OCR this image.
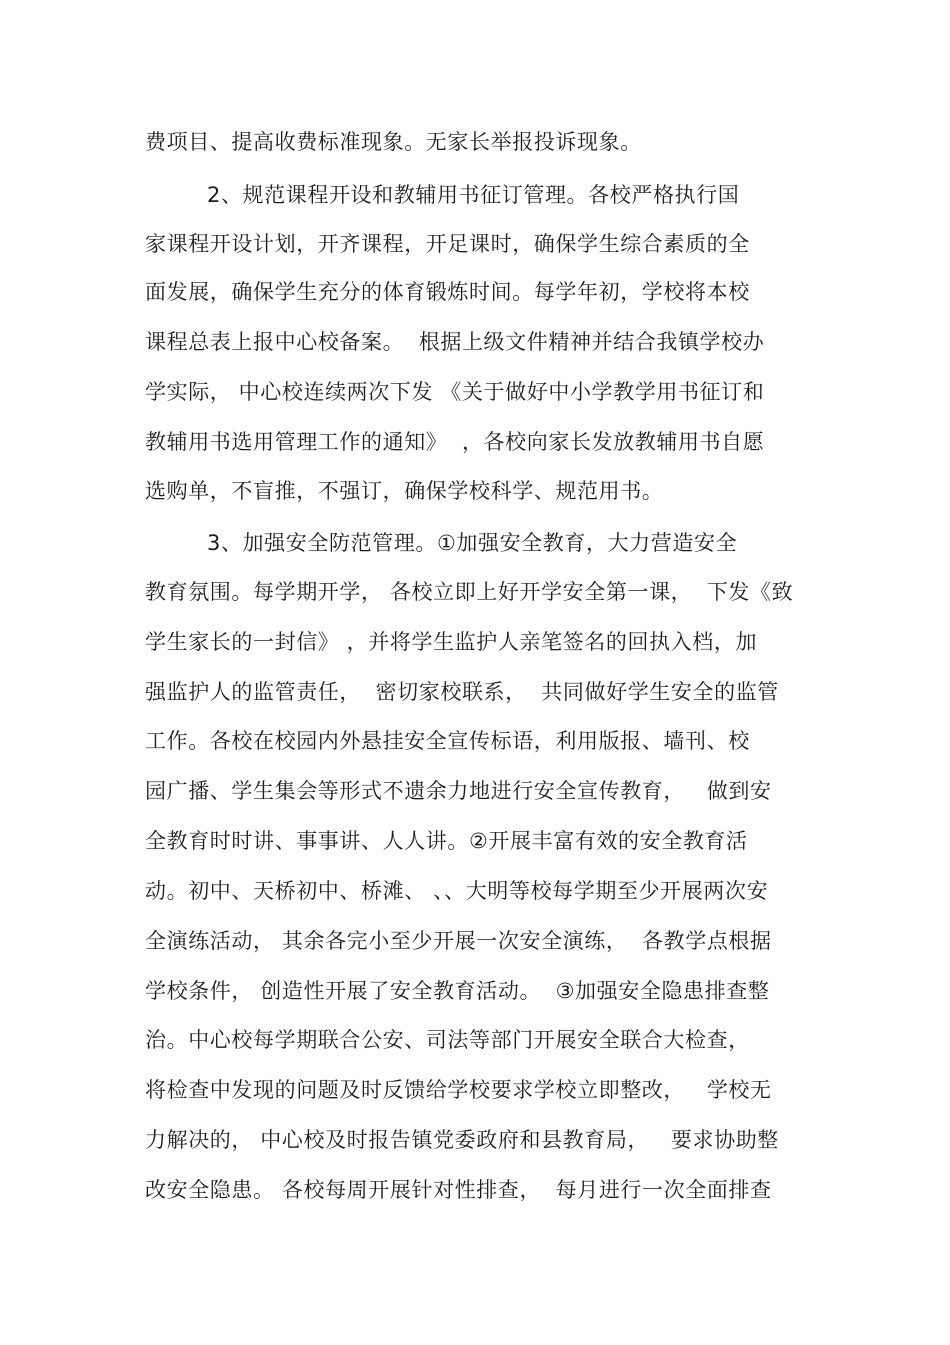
费项目、提高收费标准现象。无家长举报投诉现象。

2、规范课程开设和教辅用书征订管理。各校严格执行国

家课程开设计划，开齐课程，开足课时，确保学生综合素质的全

面发展，确保学生充分的体育锻炼时间。每学年初，学校将本校

课程总表上报中心校备案。  根据上级文件精神并结合我镇学校办

学实际， 中心校连续两次下发 《关于做好中小学教学用书征订和

教辅用书选用管理工作的通知》  ，各校向家长发放教辅用书自愿

选购单，不盲推，不强订，确保学校科学、规范用书。

3、加强安全防范管理。①加强安全教育，大力营造安全

教育氛围。每学期开学， 各校立即上好开学安全第一课，  下发《致

学生家长的一封信》 ，并将学生监护人亲笔签名的回执入档，加

强监护人的监管责任，  密切家校联系，  共同做好学生安全的监管

工作。各校在校园内外悬挂安全宣传标语，利用版报、墙刊、校

园广播、学生集会等形式不遗余力地进行安全宣传教育，   做到安

全教育时时讲、事事讲、人人讲。②开展丰富有效的安全教育活

动。初中、天桥初中、桥滩、 、、大明等校每学期至少开展两次安

全演练活动， 其余各完小至少开展一次安全演练，  各教学点根据

学校条件， 创造性开展了安全教育活动。  ③加强安全隐患排查整

治。中心校每学期联合公安、司法等部门开展安全联合大检查，

将检查中发现的问题及时反馈给学校要求学校立即整改，   学校无

力解决的， 中心校及时报告镇党委政府和县教育局，   要求协助整

改安全隐患。 各校每周开展针对性排查，  每月进行一次全面排查
